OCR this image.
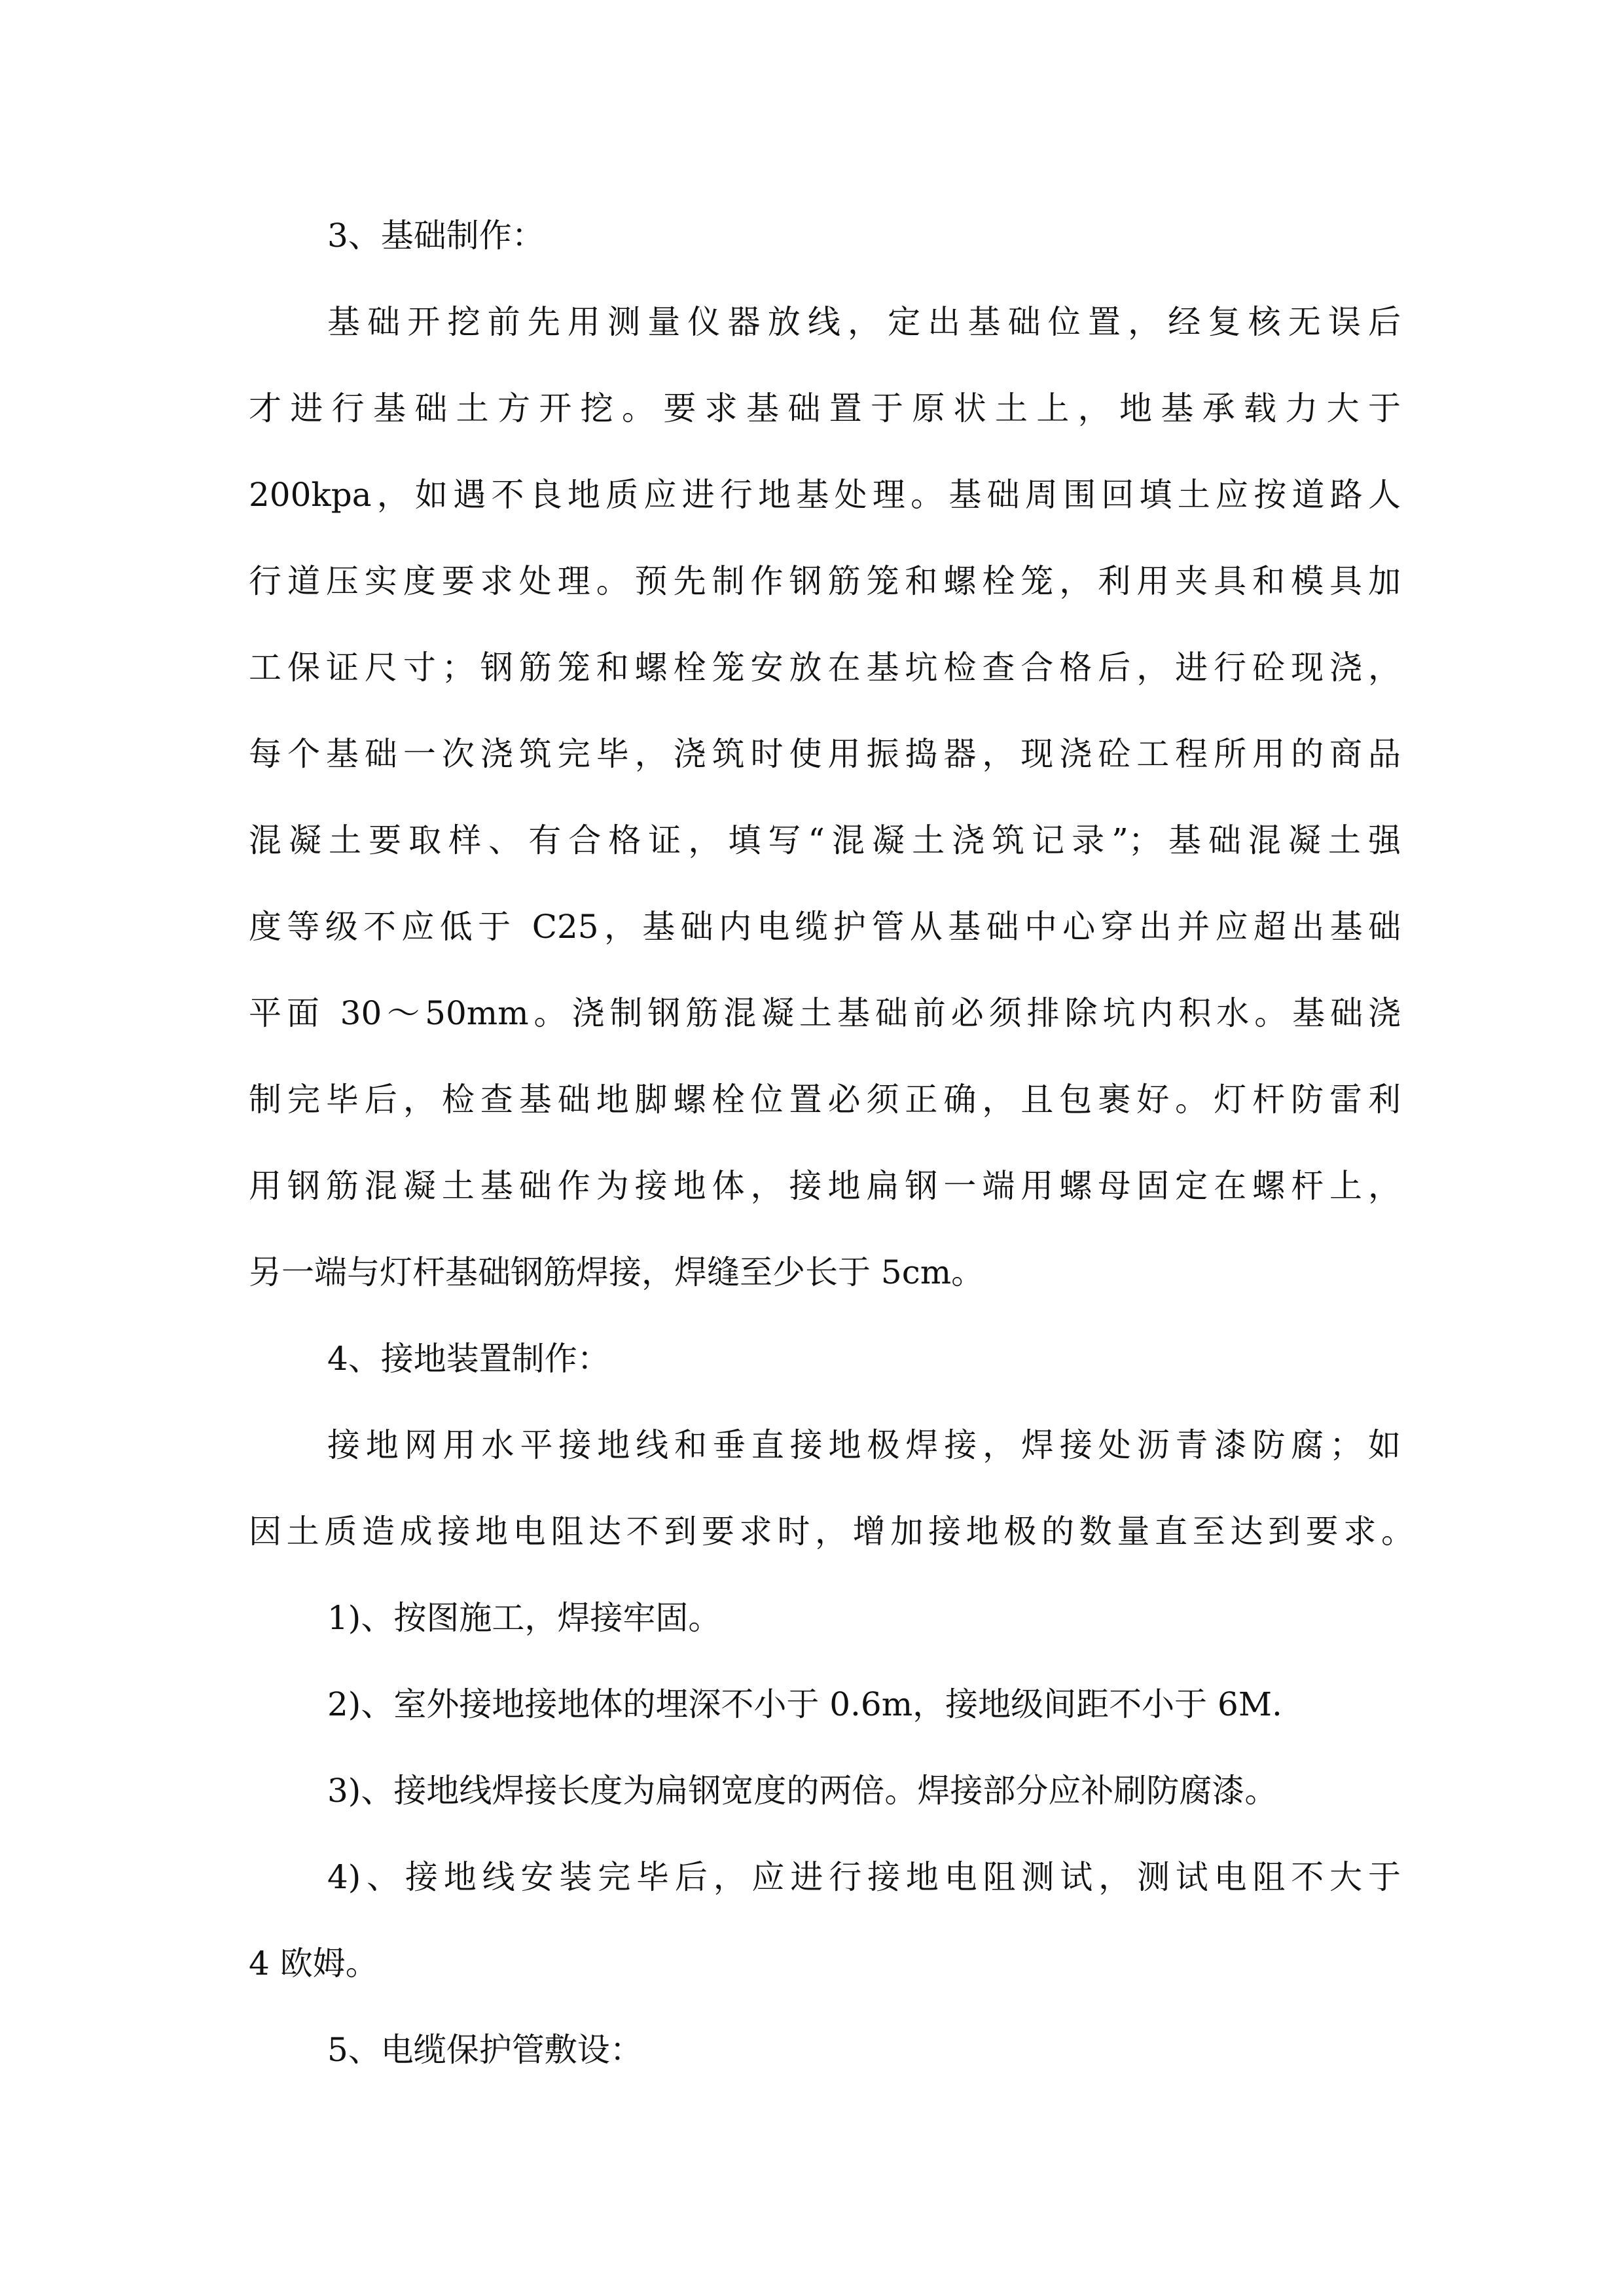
3、基础制作：

基础开挖前先用测量仪器放线，定出基础位置，经复核无误后

才进行基础土方开挖。要求基础置于原状土上，地基承载力大于

200kpa，如遇不良地质应进行地基处理。基础周围回填土应按道路人

行道压实度要求处理。预先制作钢筋笼和螺栓笼，利用夹具和模具加

工保证尺寸；钢筋笼和螺栓笼安放在基坑检查合格后，进行砼现浇，

每个基础一次浇筑完毕，浇筑时使用振捣器，现浇砼工程所用的商品

混凝土要取样、有合格证，填写“混凝土浇筑记录”；基础混凝土强

度等级不应低于 C25，基础内电缆护管从基础中心穿出并应超出基础

平面 30～50mm。浇制钢筋混凝土基础前必须排除坑内积水。基础浇

制完毕后，检查基础地脚螺栓位置必须正确，且包裹好。灯杆防雷利

用钢筋混凝土基础作为接地体，接地扁钢一端用螺母固定在螺杆上，

另一端与灯杆基础钢筋焊接，焊缝至少长于 5cm。

4、接地装置制作：

接地网用水平接地线和垂直接地极焊接，焊接处沥青漆防腐；如

因土质造成接地电阻达不到要求时，增加接地极的数量直至达到要求。

1)、按图施工，焊接牢固。

2)、室外接地接地体的埋深不小于 0.6m，接地级间距不小于 6M.

3)、接地线焊接长度为扁钢宽度的两倍。焊接部分应补刷防腐漆。

4)、接地线安装完毕后，应进行接地电阻测试，测试电阻不大于

4 欧姆。

5、电缆保护管敷设：
